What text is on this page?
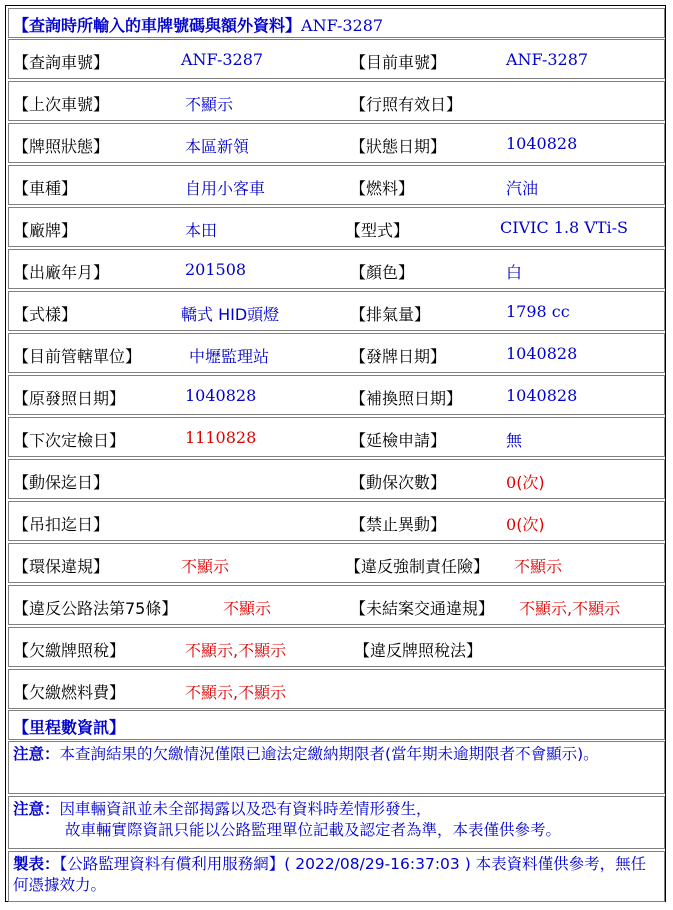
【查詢時所輸入的車牌號碼與額外資料】ANF-3287
【查詢車號】	ANF-3287	【目前車號】	ANF-3287
【上次車號】	不顯示	【行照有效日】
【牌照狀態】	本區新領	【狀態日期】	1040828
【車種】	自用小客車	【燃料】	汽油
【廠牌】	本田	【型式】	CIVIC 1.8 VTi-S
【出廠年月】	201508	【顏色】	白
【式樣】	轎式 HID頭燈	【排氣量】	1798 cc
【目前管轄單位】	中壢監理站	【發牌日期】	1040828
【原發照日期】	1040828	【補換照日期】	1040828
【下次定檢日】	1110828	【延檢申請】	無
【動保迄日】	【動保次數】	0(次)
【吊扣迄日】	【禁止異動】	0(次)
【環保違規】	不顯示	【違反強制責任險】 不顯示
【違反公路法第75條】	不顯示	【未結案交通違規】 不顯示,不顯示
【欠繳牌照稅】	不顯示,不顯示	【違反牌照稅法】
【欠繳燃料費】	不顯示,不顯示
【里程數資訊】
注意：本查詢結果的欠繳情況僅限已逾法定繳納期限者(當年期未逾期限者不會顯示)。
注意：因車輛資訊並未全部揭露以及恐有資料時差情形發生，
故車輛實際資訊只能以公路監理單位記載及認定者為準，本表僅供參考。
製表：【公路監理資料有償利用服務網】( 2022/08/29-16:37:03 ) 本表資料僅供參考，無任何憑據效力。
